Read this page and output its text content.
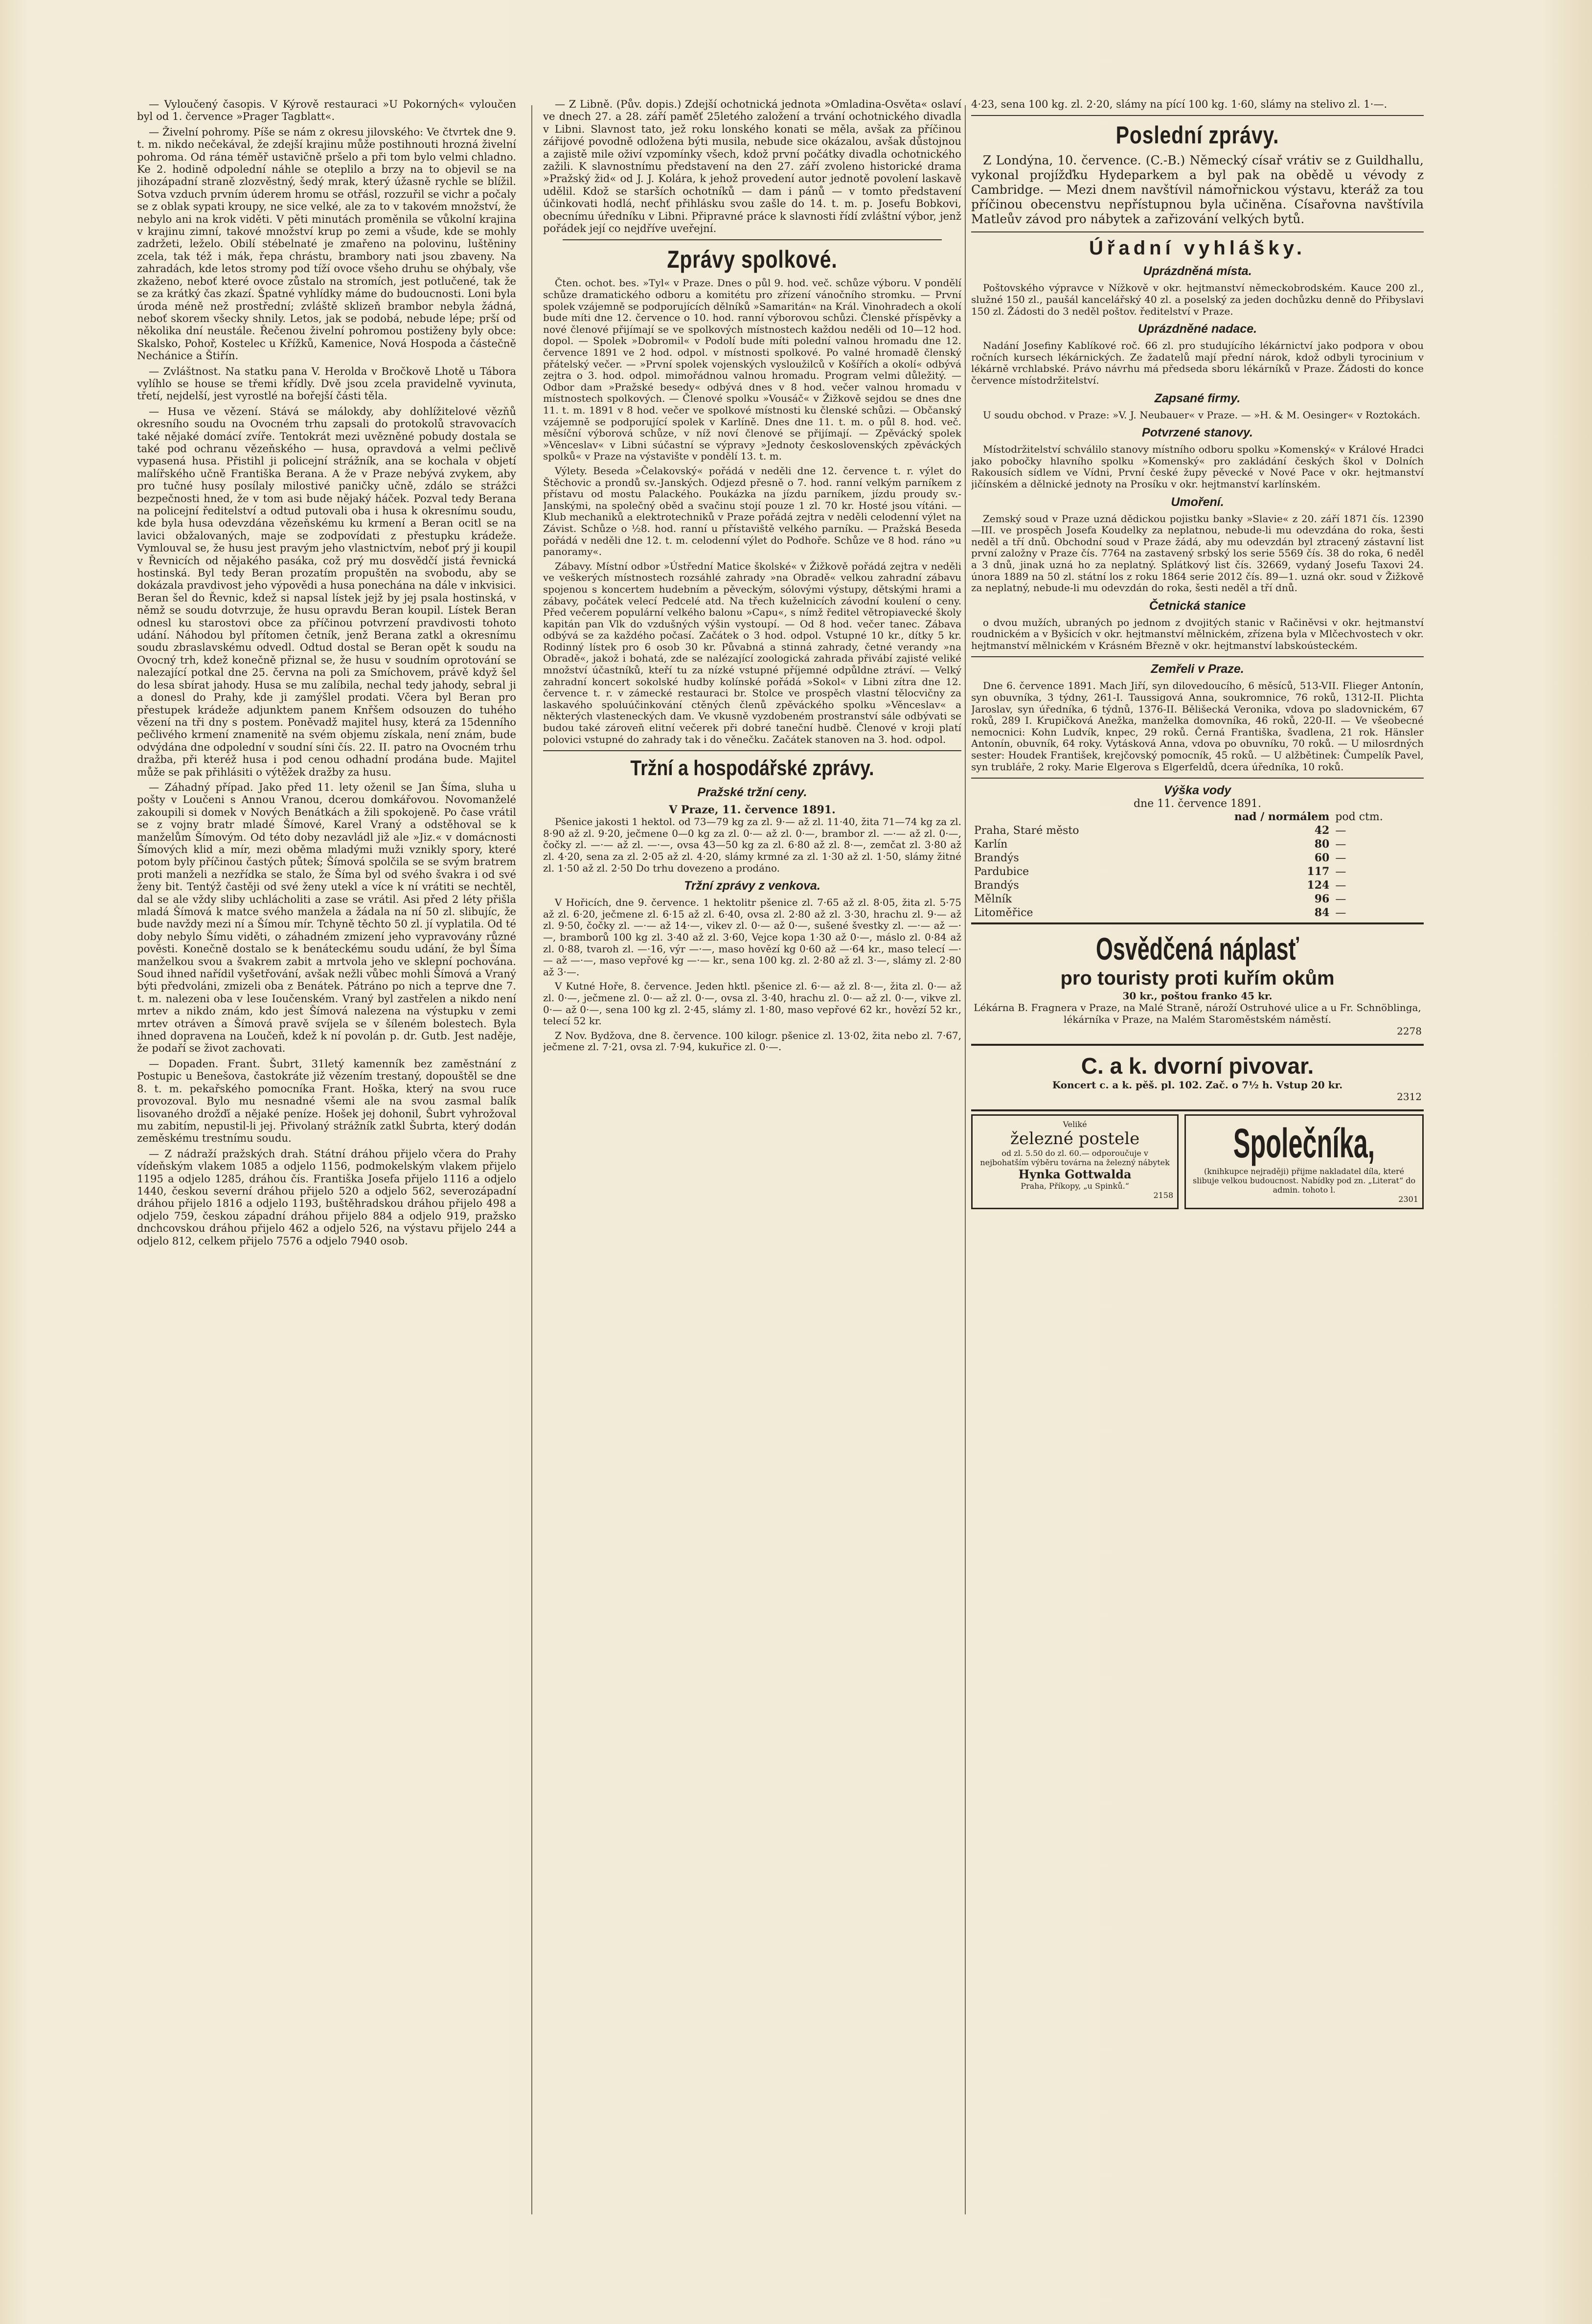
— Vyloučený časopis. V Kýrově restauraci »U Pokorných« vyloučen byl od 1. července »Prager Tagblatt«.

— Živelní pohromy. Píše se nám z okresu jilovského: Ve čtvrtek dne 9. t. m. nikdo nečekával, že zdejší krajinu může postihnouti hrozná živelní pohroma. Od rána téměř ustavičně pršelo a při tom bylo velmi chladno. Ke 2. hodině odpolední náhle se oteplilo a brzy na to objevil se na jihozápadní straně zlozvěstný, šedý mrak, který úžasně rychle se blížil. Sotva vzduch prvním úderem hromu se otřásl, rozzuřil se vichr a počaly se z oblak sypati kroupy, ne sice velké, ale za to v takovém množství, že nebylo ani na krok viděti. V pěti minutách proměnila se vůkolní krajina v krajinu zimní, takové množství krup po zemi a všude, kde se mohly zadržeti, leželo. Obilí stébelnaté je zmařeno na polovinu, luštěniny zcela, tak též i mák, řepa chrástu, brambory nati jsou zbaveny. Na zahradách, kde letos stromy pod tíží ovoce všeho druhu se ohýbaly, vše zkaženo, neboť které ovoce zůstalo na stromích, jest potlučené, tak že se za krátký čas zkazí. Špatné vyhlídky máme do budoucnosti. Loni byla úroda méně než prostřední; zvláště sklizeň brambor nebyla žádná, neboť skorem všecky shnily. Letos, jak se podobá, nebude lépe; prší od několika dní neustále. Řečenou živelní pohromou postiženy byly obce: Skalsko, Pohoř, Kostelec u Křížků, Kamenice, Nová Hospoda a částečně Nechánice a Štiřín.

— Zvláštnost. Na statku pana V. Herolda v Bročkově Lhotě u Tábora vylíhlo se house se třemi křídly. Dvě jsou zcela pravidelně vyvinuta, třetí, nejdelší, jest vyrostlé na bořejší části těla.

— Husa ve vězení. Stává se málokdy, aby dohlížitelové vězňů okresního soudu na Ovocném trhu zapsali do protokolů stravovacích také nějaké domácí zvíře. Tentokrát mezi uvězněné pobudy dostala se také pod ochranu vězeňského — husa, opravdová a velmi pečlivě vypasená husa. Přistihl ji policejní strážník, ana se kochala v objetí malířského učně Františka Berana. A že v Praze nebývá zvykem, aby pro tučné husy posílaly milostivé paničky učně, zdálo se strážci bezpečnosti hned, že v tom asi bude nějaký háček. Pozval tedy Berana na policejní ředitelství a odtud putovali oba i husa k okresnímu soudu, kde byla husa odevzdána vězeňskému ku krmení a Beran ocitl se na lavici obžalovaných, maje se zodpovídati z přestupku krádeže. Vymlouval se, že husu jest pravým jeho vlastnictvím, neboť prý ji koupil v Řevnicích od nějakého pasáka, což prý mu dosvědčí jistá řevnická hostinská. Byl tedy Beran prozatím propuštěn na svobodu, aby se dokázala pravdivost jeho výpovědi a husa ponechána na dále v inkvisici. Beran šel do Řevnic, kdež si napsal lístek jejž by jej psala hostinská, v němž se soudu dotvrzuje, že husu opravdu Beran koupil. Lístek Beran odnesl ku starostovi obce za příčinou potvrzení pravdivosti tohoto udání. Náhodou byl přítomen četník, jenž Berana zatkl a okresnímu soudu zbraslavskému odvedl. Odtud dostal se Beran opět k soudu na Ovocný trh, kdež konečně přiznal se, že husu v soudním oprotování se nalezající potkal dne 25. června na poli za Smíchovem, právě když šel do lesa sbírat jahody. Husa se mu zalíbila, nechal tedy jahody, sebral ji a donesl do Prahy, kde ji zamýšlel prodati. Včera byl Beran pro přestupek krádeže adjunktem panem Knřšem odsouzen do tuhého vězení na tři dny s postem. Poněvadž majitel husy, která za 15denního pečlivého krmení znamenitě na svém objemu získala, není znám, bude odvýdána dne odpolední v soudní síni čís. 22. II. patro na Ovocném trhu dražba, při kteréž husa i pod cenou odhadní prodána bude. Majitel může se pak přihlásiti o výtěžek dražby za husu.

— Záhadný případ. Jako před 11. lety oženil se Jan Šíma, sluha u pošty v Loučeni s Annou Vranou, dcerou domkářovou. Novomanželé zakoupili si domek v Nových Benátkách a žili spokojeně. Po čase vrátil se z vojny bratr mladé Šímové, Karel Vraný a odstěhoval se k manželům Šímovým. Od této doby nezavládl již ale »Jiz.« v domácnosti Šímových klid a mír, mezi oběma mladými muži vznikly spory, které potom byly příčinou častých půtek; Šímová spolčila se se svým bratrem proti manželi a nezřídka se stalo, že Šíma byl od svého švakra i od své ženy bit. Tentýž častěji od své ženy utekl a více k ní vrátiti se nechtěl, dal se ale vždy sliby uchlácholiti a zase se vrátil. Asi před 2 léty přišla mladá Šímová k matce svého manžela a žádala na ní 50 zl. slibujíc, že bude navždy mezi ní a Šímou mír. Tchyně těchto 50 zl. jí vyplatila. Od té doby nebylo Šímu viděti, o záhadném zmizení jeho vypravovány různé pověsti. Konečně dostalo se k benáteckému soudu udání, že byl Šíma manželkou svou a švakrem zabit a mrtvola jeho ve sklepní pochována. Soud ihned nařídil vyšetřování, avšak nežli vůbec mohli Šímová a Vraný býti předvoláni, zmizeli oba z Benátek. Pátráno po nich a teprve dne 7. t. m. nalezeni oba v lese Ioučenském. Vraný byl zastřelen a nikdo není mrtev a nikdo znám, kdo jest Šímová nalezena na výstupku v zemi mrtev otráven a Šímová pravě svíjela se v šíleném bolestech. Byla ihned dopravena na Loučeň, kdež k ní povolán p. dr. Gutb. Jest naděje, že podaří se život zachovati.

— Dopaden. Frant. Šubrt, 31letý kamenník bez zaměstnání z Postupic u Benešova, častokráte již vězením trestaný, dopouštěl se dne 8. t. m. pekařského pomocníka Frant. Hoška, který na svou ruce provozoval. Bylo mu nesnadné všemi ale na svou zasmal balík lisovaného drožďí a nějaké peníze. Hošek jej dohonil, Šubrt vyhrožoval mu zabitím, nepustil-li jej. Přivolaný strážník zatkl Šubrta, který dodán zeměskému trestnímu soudu.

— Z nádraží pražských drah. Státní dráhou přijelo včera do Prahy vídeňským vlakem 1085 a odjelo 1156, podmokelským vlakem přijelo 1195 a odjelo 1285, dráhou čís. Františka Josefa přijelo 1116 a odjelo 1440, českou severní dráhou přijelo 520 a odjelo 562, severozápadní dráhou přijelo 1816 a odjelo 1193, buštěhradskou dráhou přijelo 498 a odjelo 759, českou západní dráhou přijelo 884 a odjelo 919, pražsko dnchcovskou dráhou přijelo 462 a odjelo 526, na výstavu přijelo 244 a odjelo 812, celkem přijelo 7576 a odjelo 7940 osob.

— Z Libně. (Pův. dopis.) Zdejší ochotnická jednota »Omladina-Osvěta« oslaví ve dnech 27. a 28. září paměť 25letého založení a trvání ochotnického divadla v Libni. Slavnost tato, jež roku lonského konati se měla, avšak za příčinou zářijové povodně odložena býti musila, nebude sice okázalou, avšak důstojnou a zajistě mile oživí vzpomínky všech, kdož první počátky divadla ochotnického zažili. K slavnostnímu představení na den 27. září zvoleno historické drama »Pražský žid« od J. J. Kolára, k jehož provedení autor jednotě povolení laskavě udělil. Kdož se starších ochotníků — dam i pánů — v tomto představení účinkovati hodlá, nechť přihlásku svou zašle do 14. t. m. p. Josefu Bobkovi, obecnímu úředníku v Libni. Připravné práce k slavnosti řídí zvláštní výbor, jenž pořádek její co nejdříve uveřejní.

Zprávy spolkové.

Čten. ochot. bes. »Tyl« v Praze. Dnes o půl 9. hod. več. schůze výboru. V pondělí schůze dramatického odboru a komitétu pro zřízení vánočního stromku. — První spolek vzájemně se podporujících dělníků »Samaritán« na Král. Vinohradech a okolí bude míti dne 12. července o 10. hod. ranní výborovou schůzi. Členské příspěvky a nové členové přijímají se ve spolkových místnostech každou neděli od 10—12 hod. dopol. — Spolek »Dobromil« v Podolí bude míti polední valnou hromadu dne 12. července 1891 ve 2 hod. odpol. v místnosti spolkové. Po valné hromadě členský přátelský večer. — »První spolek vojenských vysloužilců v Košířích a okolí« odbývá zejtra o 3. hod. odpol. mimořádnou valnou hromadu. Program velmi důležitý. — Odbor dam »Pražské besedy« odbývá dnes v 8 hod. večer valnou hromadu v místnostech spolkových. — Členové spolku »Vousáč« v Žižkově sejdou se dnes dne 11. t. m. 1891 v 8 hod. večer ve spolkové místnosti ku členské schůzi. — Občanský vzájemně se podporující spolek v Karlíně. Dnes dne 11. t. m. o půl 8. hod. več. měsíční výborová schůze, v níž noví členové se přijímají. — Zpěvácký spolek »Věnceslav« v Libni súčastní se výpravy »Jednoty československých zpěváckých spolků« v Praze na výstavište v pondělí 13. t. m.

Výlety. Beseda »Čelakovský« pořádá v neděli dne 12. července t. r. výlet do Štěchovic a prondů sv.-Janských. Odjezd přesně o 7. hod. ranní velkým parníkem z přístavu od mostu Palackého. Poukázka na jízdu parníkem, jízdu proudy sv.-Janskými, na společný oběd a svačinu stojí pouze 1 zl. 70 kr. Hosté jsou vítáni. — Klub mechaniků a elektrotechniků v Praze pořádá zejtra v neděli celodenní výlet na Závist. Schůze o ½8. hod. ranní u přístaviště velkého parníku. — Pražská Beseda pořádá v neděli dne 12. t. m. celodenní výlet do Podhoře. Schůze ve 8 hod. ráno »u panoramy«.

Zábavy. Místní odbor »Ústřední Matice školské« v Žižkově pořádá zejtra v neděli ve veškerých místnostech rozsáhlé zahrady »na Obradě« velkou zahradní zábavu spojenou s koncertem hudebním a pěveckým, sólovými výstupy, dětskými hrami a zábavy, počátek velecí Pedcelé atd. Na třech kuželnicích závodní koulení o ceny. Před večerem populární velkého balonu »Capu«, s nímž ředitel větropiavecké školy kapitán pan Vlk do vzdušných výšin vystoupí. — Od 8 hod. večer tanec. Zábava odbývá se za každého počasí. Začátek o 3 hod. odpol. Vstupné 10 kr., dítky 5 kr. Rodinný lístek pro 6 osob 30 kr. Půvabná a stinná zahrady, četné verandy »na Obradě«, jakož i bohatá, zde se nalézající zoologická zahrada přivábí zajisté veliké množství účastníků, kteří tu za nízké vstupné příjemné odpůldne ztráví. — Velký zahradní koncert sokolské hudby kolínské pořádá »Sokol« v Libni zítra dne 12. července t. r. v zámecké restauraci br. Stolce ve prospěch vlastní tělocvičny za laskavého spoluúčinkování ctěných členů zpěváckého spolku »Věnceslav« a některých vlasteneckých dam. Ve vkusně vyzdobeném prostranství sále odbývati se budou také zároveň elitní večerek při dobré taneční hudbě. Členové v kroji platí polovici vstupné do zahrady tak i do věnečku. Začátek stanoven na 3. hod. odpol.

Tržní a hospodářské zprávy.
Pražské tržní ceny.
V Praze, 11. července 1891.

Pšenice jakosti 1 hektol. od 73—79 kg za zl. 9·— až zl. 11·40, žita 71—74 kg za zl. 8·90 až zl. 9·20, ječmene 0—0 kg za zl. 0·— až zl. 0·—, brambor zl. —·— až zl. 0·—, čočky zl. —·— až zl. —·—, ovsa 43—50 kg za zl. 6·80 až zl. 8·—, zemčat zl. 3·80 až zl. 4·20, sena za zl. 2·05 až zl. 4·20, slámy krmné za zl. 1·30 až zl. 1·50, slámy žitné zl. 1·50 až zl. 2·50 Do trhu dovezeno a prodáno.

Tržní zprávy z venkova.

V Hořicích, dne 9. července. 1 hektolitr pšenice zl. 7·65 až zl. 8·05, žita zl. 5·75 až zl. 6·20, ječmene zl. 6·15 až zl. 6·40, ovsa zl. 2·80 až zl. 3·30, hrachu zl. 9·— až zl. 9·50, čočky zl. —·— až 14·—, vikev zl. 0·— až 0·—, sušené švestky zl. —·— až —·—, bramborů 100 kg zl. 3·40 až zl. 3·60, Vejce kopa 1·30 až 0·—, máslo zl. 0·84 až zl. 0·88, tvaroh zl. —·16, výr —·—, maso hovězí kg 0·60 až —·64 kr., maso telecí —·— až —·—, maso vepřové kg —·— kr., sena 100 kg. zl. 2·80 až zl. 3·—, slámy zl. 2·80 až 3·—.

V Kutné Hoře, 8. července. Jeden hktl. pšenice zl. 6·— až zl. 8·—, žita zl. 0·— až zl. 0·—, ječmene zl. 0·— až zl. 0·—, ovsa zl. 3·40, hrachu zl. 0·— až zl. 0·—, vikve zl. 0·— až 0·—, sena 100 kg zl. 2·45, slámy zl. 1·80, maso vepřové 62 kr., hovězí 52 kr., telecí 52 kr.

Z Nov. Bydžova, dne 8. července. 100 kilogr. pšenice zl. 13·02, žita nebo zl. 7·67, ječmene zl. 7·21, ovsa zl. 7·94, kukuřice zl. 0·—.

4·23, sena 100 kg. zl. 2·20, slámy na pící 100 kg. 1·60, slámy na stelivo zl. 1·—.

Poslední zprávy.

Z Londýna, 10. července. (C.-B.) Německý císař vrátiv se z Guildhallu, vykonal projížďku Hydeparkem a byl pak na obědě u vévody z Cambridge. — Mezi dnem navštívil námořnickou výstavu, kteráž za tou příčinou obecenstvu nepřístupnou byla učiněna. Císařovna navštívila Matleův závod pro nábytek a zařizování velkých bytů.

Úřadní vyhlášky.
Uprázdněná místa.

Poštovského výpravce v Nížkově v okr. hejtmanství německobrodském. Kauce 200 zl., služné 150 zl., paušál kancelářský 40 zl. a poselský za jeden dochůzku denně do Přibyslavi 150 zl. Žádosti do 3 neděl poštov. ředitelství v Praze.

Uprázdněné nadace.

Nadání Josefiny Kablíkové roč. 66 zl. pro studujícího lékárnictví jako podpora v obou ročních kursech lékárnických. Ze žadatelů mají přední nárok, kdož odbyli tyrocinium v lékárně vrchlabské. Právo návrhu má předseda sboru lékárníků v Praze. Žádosti do konce července místodržitelství.

Zapsané firmy.

U soudu obchod. v Praze: »V. J. Neubauer« v Praze. — »H. & M. Oesinger« v Roztokách.

Potvrzené stanovy.

Místodržitelství schválilo stanovy místního odboru spolku »Komenský« v Králové Hradci jako pobočky hlavního spolku »Komenský« pro zakládání českých škol v Dolních Rakousích sídlem ve Vídni, První české župy pěvecké v Nové Pace v okr. hejtmanství jičínském a dělnické jednoty na Prosíku v okr. hejtmanství karlínském.

Umoření.

Zemský soud v Praze uzná dědickou pojistku banky »Slavie« z 20. září 1871 čís. 12390—III. ve prospěch Josefa Koudelky za neplatnou, nebude-li mu odevzdána do roka, šesti neděl a tří dnů. Obchodní soud v Praze žádá, aby mu odevzdán byl ztracený zástavní list první založny v Praze čís. 7764 na zastavený srbský los serie 5569 čís. 38 do roka, 6 neděl a 3 dnů, jinak uzná ho za neplatný. Splátkový list čís. 32669, vydaný Josefu Taxovi 24. února 1889 na 50 zl. státní los z roku 1864 serie 2012 čís. 89—1. uzná okr. soud v Žižkově za neplatný, nebude-li mu odevzdán do roka, šesti neděl a tří dnů.

Četnická stanice

o dvou mužích, ubraných po jednom z dvojitých stanic v Račiněvsi v okr. hejtmanství roudnickém a v Byšicích v okr. hejtmanství mělnickém, zřízena byla v Mlčechvostech v okr. hejtmanství mělnickém v Krásném Březně v okr. hejtmanství labskoústeckém.

Zemřeli v Praze.

Dne 6. července 1891. Mach Jiří, syn dilovedoucího, 6 měsíců, 513-VII. Flieger Antonín, syn obuvníka, 3 týdny, 261-I. Taussigová Anna, soukromnice, 76 roků, 1312-II. Plichta Jaroslav, syn úředníka, 6 týdnů, 1376-II. Bělišecká Veronika, vdova po sladovnickém, 67 roků, 289 I. Krupičková Anežka, manželka domovníka, 46 roků, 220-II. — Ve všeobecné nemocnici: Kohn Ludvík, knpec, 29 roků. Černá Františka, švadlena, 21 rok. Hänsler Antonín, obuvník, 64 roky. Vytásková Anna, vdova po obuvníku, 70 roků. — U milosrdných sester: Houdek František, krejčovský pomocník, 45 roků. — U alžbětinek: Čumpelík Pavel, syn trubláře, 2 roky. Marie Elgerova s Elgerfeldů, dcera úředníka, 10 roků.

Výška vody
dne 11. července 1891.
	nad / normálem	pod ctm.
Praha, Staré město	42	—
Karlín	80	—
Brandýs	60	—
Pardubice	117	—
Brandýs	124	—
Mělník	96	—
Litoměřice	84	—
Osvědčená náplasť
pro touristy proti kuřím okům
30 kr., poštou franko 45 kr.
Lékárna B. Fragnera v Praze, na Malé Straně, nároží Ostruhové ulice a u Fr. Schnöblinga, lékárníka v Praze, na Malém Staroměstském náměstí.
2278
C. a k. dvorní pivovar.
Koncert c. a k. pěš. pl. 102. Zač. o 7½ h. Vstup 20 kr.
2312
Veliké
železné postele
od zl. 5.50 do zl. 60.— odporoučuje v nejbohatším výběru továrna na železný nábytek
Hynka Gottwalda
Praha, Příkopy, „u Spinků.“
2158
Společníka,
(knihkupce nejraději) přijme nakladatel díla, které slibuje velkou budoucnost. Nabídky pod zn. „Literat“ do admin. tohoto l.
2301
